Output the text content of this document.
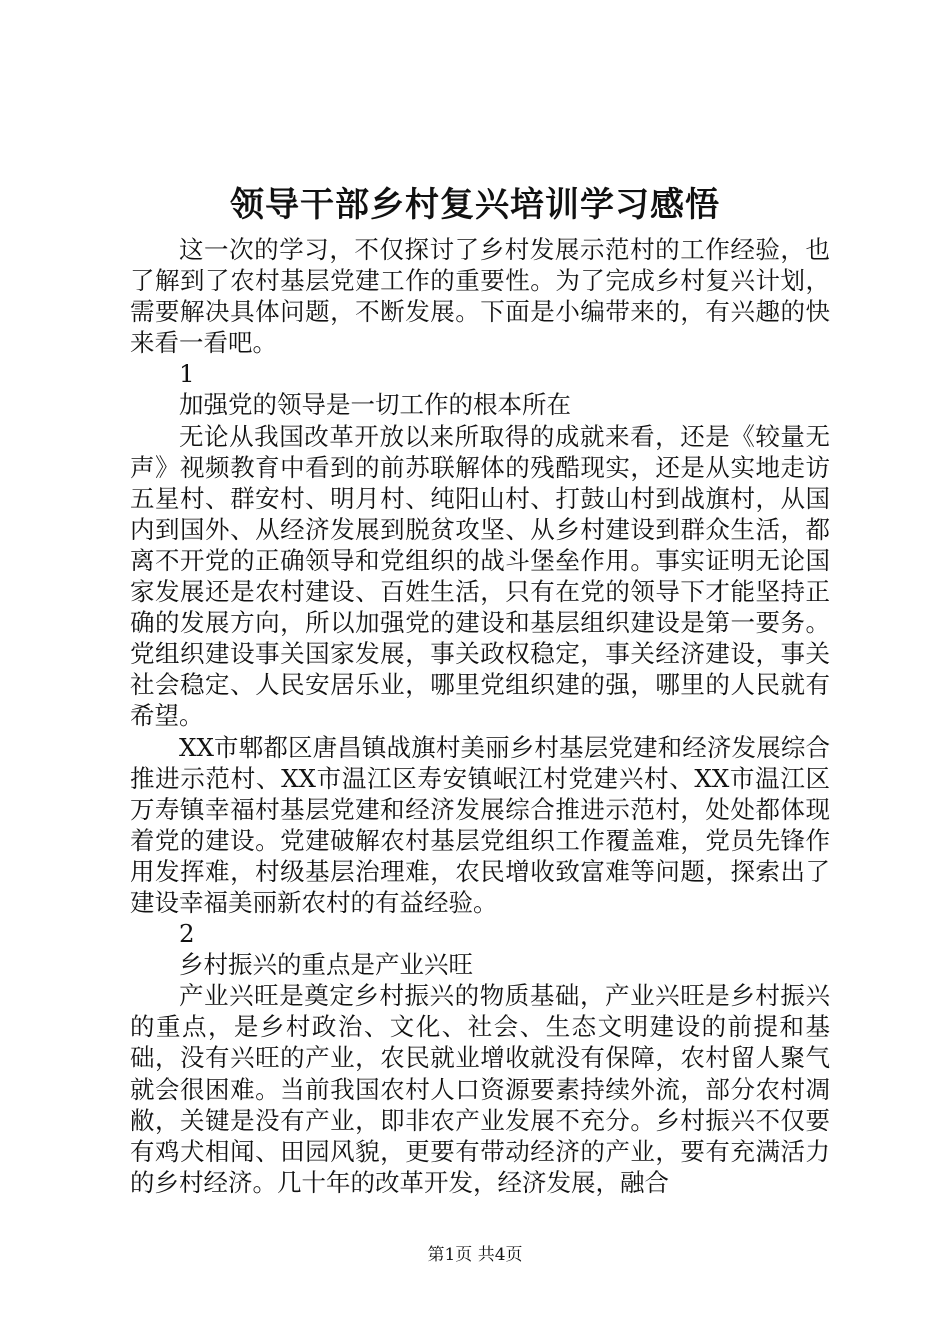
领导干部乡村复兴培训学习感悟

这一次的学习，不仅探讨了乡村发展示范村的工作经验，也了解到了农村基层党建工作的重要性。为了完成乡村复兴计划，需要解决具体问题，不断发展。下面是小编带来的，有兴趣的快来看一看吧。

1

加强党的领导是一切工作的根本所在

无论从我国改革开放以来所取得的成就来看，还是《较量无声》视频教育中看到的前苏联解体的残酷现实，还是从实地走访五星村、群安村、明月村、纯阳山村、打鼓山村到战旗村，从国内到国外、从经济发展到脱贫攻坚、从乡村建设到群众生活，都离不开党的正确领导和党组织的战斗堡垒作用。事实证明无论国家发展还是农村建设、百姓生活，只有在党的领导下才能坚持正确的发展方向，所以加强党的建设和基层组织建设是第一要务。党组织建设事关国家发展，事关政权稳定，事关经济建设，事关社会稳定、人民安居乐业，哪里党组织建的强，哪里的人民就有希望。

XX市郫都区唐昌镇战旗村美丽乡村基层党建和经济发展综合推进示范村、XX市温江区寿安镇岷江村党建兴村、XX市温江区万寿镇幸福村基层党建和经济发展综合推进示范村，处处都体现着党的建设。党建破解农村基层党组织工作覆盖难，党员先锋作用发挥难，村级基层治理难，农民增收致富难等问题，探索出了建设幸福美丽新农村的有益经验。

2

乡村振兴的重点是产业兴旺

产业兴旺是奠定乡村振兴的物质基础，产业兴旺是乡村振兴的重点，是乡村政治、文化、社会、生态文明建设的前提和基础，没有兴旺的产业，农民就业增收就没有保障，农村留人聚气就会很困难。当前我国农村人口资源要素持续外流，部分农村凋敝，关键是没有产业，即非农产业发展不充分。乡村振兴不仅要有鸡犬相闻、田园风貌，更要有带动经济的产业，要有充满活力的乡村经济。几十年的改革开发，经济发展，融合

第1页 共4页
